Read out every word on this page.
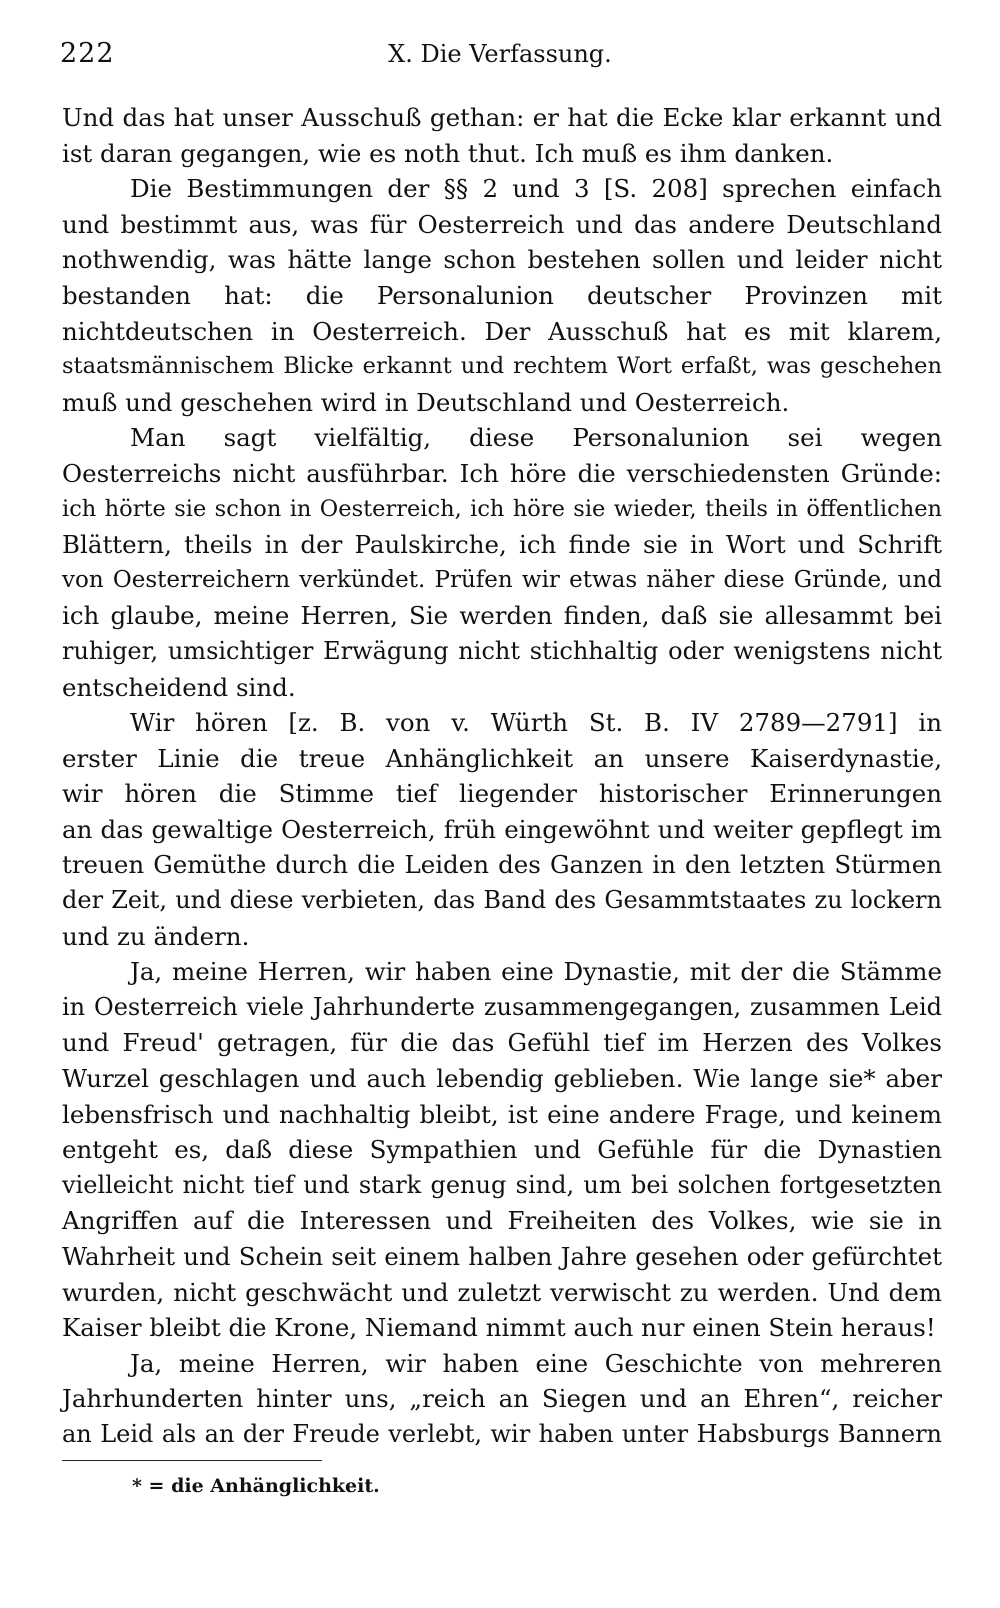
222	X. Die Verfassung.
Und das hat unser Ausschuß gethan: er hat die Ecke klar erkannt und
ist daran gegangen, wie es noth thut. Ich muß es ihm danken.
Die Bestimmungen der §§ 2 und 3 [S. 208] sprechen einfach
und bestimmt aus, was für Oesterreich und das andere Deutschland
nothwendig, was hätte lange schon bestehen sollen und leider nicht
bestanden hat: die Personalunion deutscher Provinzen mit
nichtdeutschen in Oesterreich. Der Ausschuß hat es mit klarem,
staatsmännischem Blicke erkannt und rechtem Wort erfaßt, was geschehen
muß und geschehen wird in Deutschland und Oesterreich.
Man sagt vielfältig, diese Personalunion sei wegen
Oesterreichs nicht ausführbar. Ich höre die verschiedensten Gründe:
ich hörte sie schon in Oesterreich, ich höre sie wieder, theils in öffentlichen
Blättern, theils in der Paulskirche, ich finde sie in Wort und Schrift
von Oesterreichern verkündet. Prüfen wir etwas näher diese Gründe, und
ich glaube, meine Herren, Sie werden finden, daß sie allesammt bei
ruhiger, umsichtiger Erwägung nicht stichhaltig oder wenigstens nicht
entscheidend sind.
Wir hören [z. B. von v. Würth St. B. IV 2789—2791] in
erster Linie die treue Anhänglichkeit an unsere Kaiserdynastie,
wir hören die Stimme tief liegender historischer Erinnerungen
an das gewaltige Oesterreich, früh eingewöhnt und weiter gepflegt im
treuen Gemüthe durch die Leiden des Ganzen in den letzten Stürmen
der Zeit, und diese verbieten, das Band des Gesammtstaates zu lockern
und zu ändern.
Ja, meine Herren, wir haben eine Dynastie, mit der die Stämme
in Oesterreich viele Jahrhunderte zusammengegangen, zusammen Leid
und Freud' getragen, für die das Gefühl tief im Herzen des Volkes
Wurzel geschlagen und auch lebendig geblieben. Wie lange sie* aber
lebensfrisch und nachhaltig bleibt, ist eine andere Frage, und keinem
entgeht es, daß diese Sympathien und Gefühle für die Dynastien
vielleicht nicht tief und stark genug sind, um bei solchen fortgesetzten
Angriffen auf die Interessen und Freiheiten des Volkes, wie sie in
Wahrheit und Schein seit einem halben Jahre gesehen oder gefürchtet
wurden, nicht geschwächt und zuletzt verwischt zu werden. Und dem
Kaiser bleibt die Krone, Niemand nimmt auch nur einen Stein heraus!
Ja, meine Herren, wir haben eine Geschichte von mehreren
Jahrhunderten hinter uns, „reich an Siegen und an Ehren“, reicher
an Leid als an der Freude verlebt, wir haben unter Habsburgs Bannern
* = die Anhänglichkeit.
